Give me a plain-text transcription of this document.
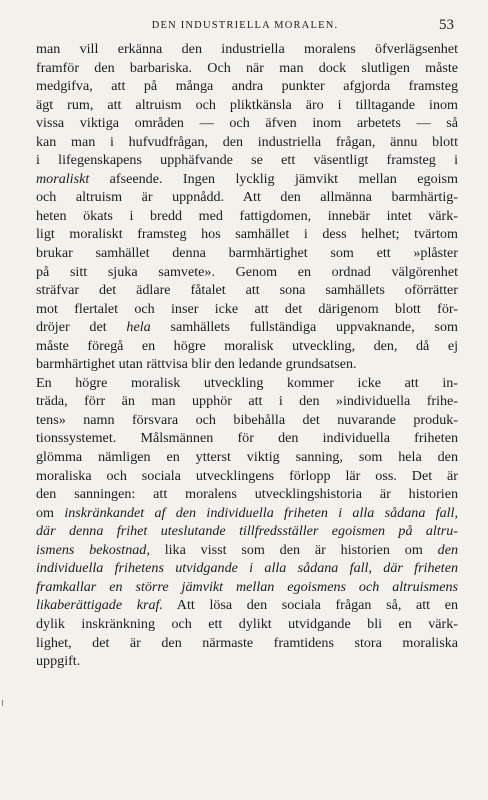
DEN INDUSTRIELLA MORALEN.	53
man vill erkänna den industriella moralens öfverlägsenhet
framför den barbariska. Och när man dock slutligen måste
medgifva, att på många andra punkter afgjorda framsteg
ägt rum, att altruism och pliktkänsla äro i tilltagande inom
vissa viktiga områden — och äfven inom arbetets — så
kan man i hufvudfrågan, den industriella frågan, ännu blott
i lifegenskapens upphäfvande se ett väsentligt framsteg i
moraliskt afseende. Ingen lycklig jämvikt mellan egoism
och altruism är uppnådd. Att den allmänna barmhärtig-
heten ökats i bredd med fattigdomen, innebär intet värk-
ligt moraliskt framsteg hos samhället i dess helhet; tvärtom
brukar samhället denna barmhärtighet som ett »plåster
på sitt sjuka samvete». Genom en ordnad välgörenhet
sträfvar det ädlare fåtalet att sona samhällets oförrätter
mot flertalet och inser icke att det därigenom blott för-
dröjer det hela samhällets fullständiga uppvaknande, som
måste föregå en högre moralisk utveckling, den, då ej
barmhärtighet utan rättvisa blir den ledande grundsatsen.
En högre moralisk utveckling kommer icke att in-
träda, förr än man upphör att i den »individuella frihe-
tens» namn försvara och bibehålla det nuvarande produk-
tionssystemet. Målsmännen för den individuella friheten
glömma nämligen en ytterst viktig sanning, som hela den
moraliska och sociala utvecklingens förlopp lär oss. Det är
den sanningen: att moralens utvecklingshistoria är historien
om inskränkandet af den individuella friheten i alla sådana fall,
där denna frihet uteslutande tillfredsställer egoismen på altru-
ismens bekostnad, lika visst som den är historien om den
individuella frihetens utvidgande i alla sådana fall, där friheten
framkallar en större jämvikt mellan egoismens och altruismens
likaberättigade kraf. Att lösa den sociala frågan så, att en
dylik inskränkning och ett dylikt utvidgande bli en värk-
lighet, det är den närmaste framtidens stora moraliska
uppgift.
